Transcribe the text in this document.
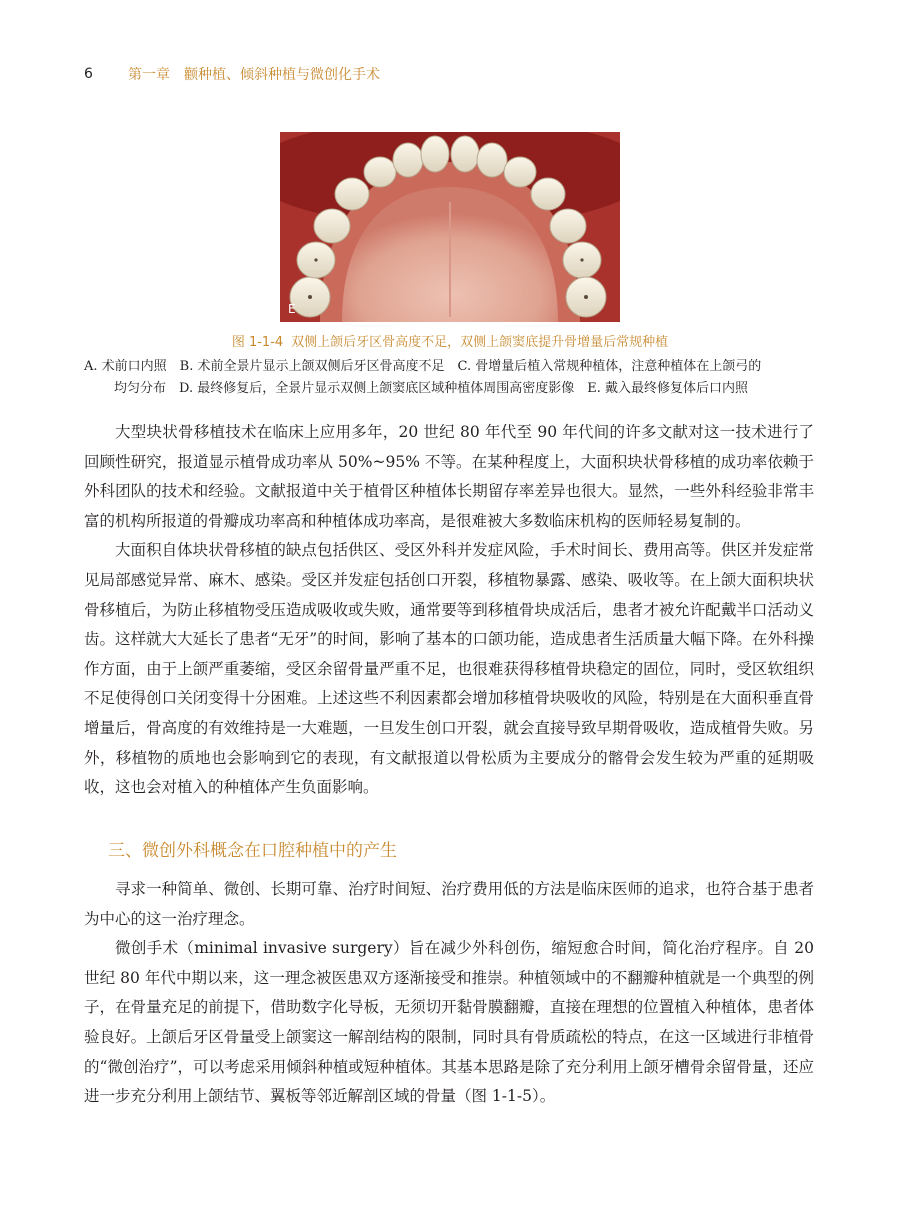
6	第一章　颧种植、倾斜种植与微创化手术
E
图 1-1-4 双侧上颌后牙区骨高度不足，双侧上颌窦底提升骨增量后常规种植

A. 术前口内照　B. 术前全景片显示上颌双侧后牙区骨高度不足　C. 骨增量后植入常规种植体，注意种植体在上颌弓的

均匀分布　D. 最终修复后，全景片显示双侧上颌窦底区域种植体周围高密度影像　E. 戴入最终修复体后口内照

大型块状骨移植技术在临床上应用多年，20 世纪 80 年代至 90 年代间的许多文献对这一技术进行了回顾性研究，报道显示植骨成功率从 50%~95% 不等。在某种程度上，大面积块状骨移植的成功率依赖于外科团队的技术和经验。文献报道中关于植骨区种植体长期留存率差异也很大。显然，一些外科经验非常丰富的机构所报道的骨瓣成功率高和种植体成功率高，是很难被大多数临床机构的医师轻易复制的。

大面积自体块状骨移植的缺点包括供区、受区外科并发症风险，手术时间长、费用高等。供区并发症常见局部感觉异常、麻木、感染。受区并发症包括创口开裂，移植物暴露、感染、吸收等。在上颌大面积块状骨移植后，为防止移植物受压造成吸收或失败，通常要等到移植骨块成活后，患者才被允许配戴半口活动义齿。这样就大大延长了患者“无牙”的时间，影响了基本的口颌功能，造成患者生活质量大幅下降。在外科操作方面，由于上颌严重萎缩，受区余留骨量严重不足，也很难获得移植骨块稳定的固位，同时，受区软组织不足使得创口关闭变得十分困难。上述这些不利因素都会增加移植骨块吸收的风险，特别是在大面积垂直骨增量后，骨高度的有效维持是一大难题，一旦发生创口开裂，就会直接导致早期骨吸收，造成植骨失败。另外，移植物的质地也会影响到它的表现，有文献报道以骨松质为主要成分的髂骨会发生较为严重的延期吸收，这也会对植入的种植体产生负面影响。

三、微创外科概念在口腔种植中的产生

寻求一种简单、微创、长期可靠、治疗时间短、治疗费用低的方法是临床医师的追求，也符合基于患者为中心的这一治疗理念。

微创手术（minimal invasive surgery）旨在减少外科创伤，缩短愈合时间，简化治疗程序。自 20 世纪 80 年代中期以来，这一理念被医患双方逐渐接受和推崇。种植领域中的不翻瓣种植就是一个典型的例子，在骨量充足的前提下，借助数字化导板，无须切开黏骨膜翻瓣，直接在理想的位置植入种植体，患者体验良好。上颌后牙区骨量受上颌窦这一解剖结构的限制，同时具有骨质疏松的特点，在这一区域进行非植骨的“微创治疗”，可以考虑采用倾斜种植或短种植体。其基本思路是除了充分利用上颌牙槽骨余留骨量，还应进一步充分利用上颌结节、翼板等邻近解剖区域的骨量（图 1-1-5）。
